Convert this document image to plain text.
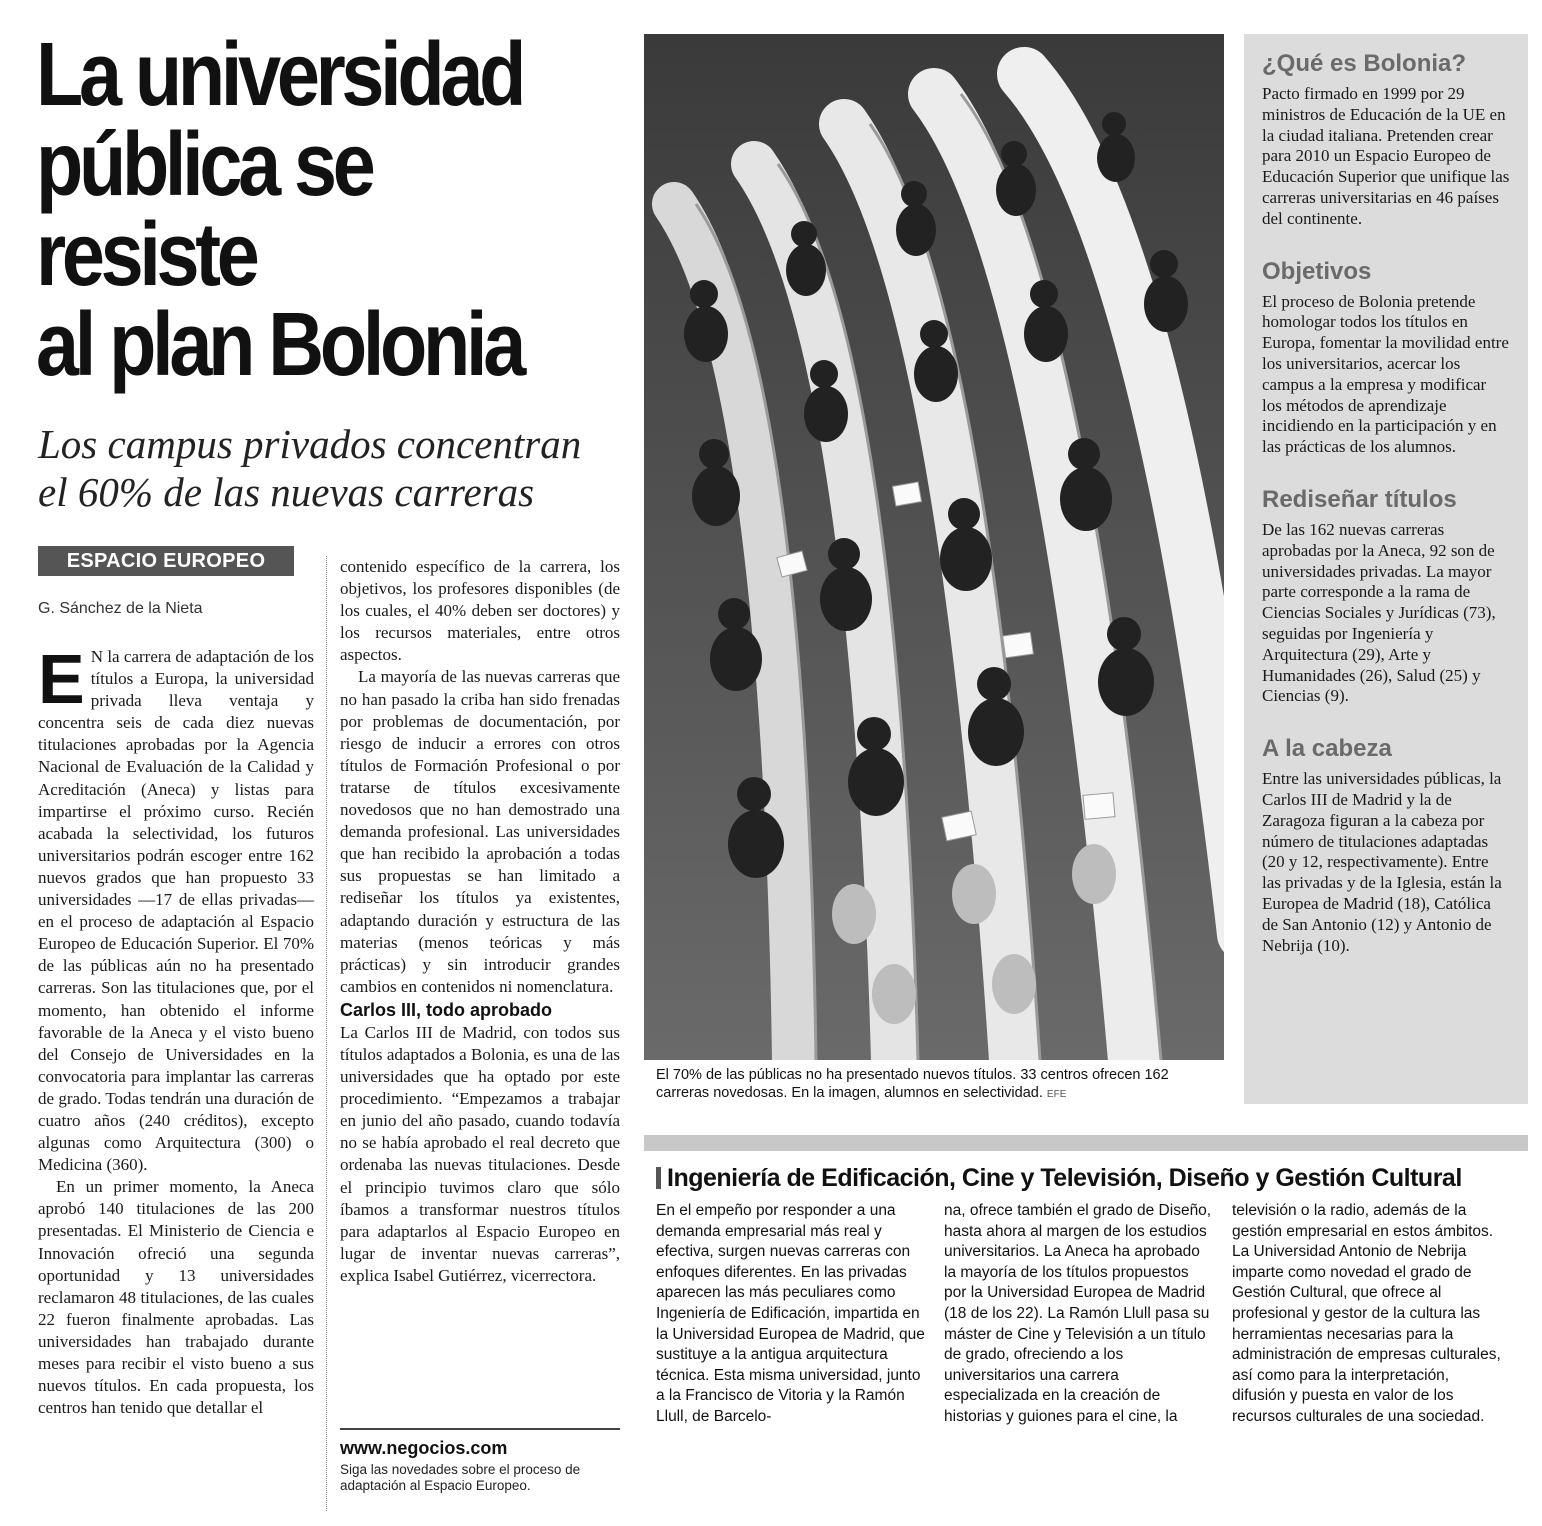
La universidad
pública se resiste
al plan Bolonia
Los campus privados concentran el 60% de las nuevas carreras
ESPACIO EUROPEO
G. Sánchez de la Nieta

E N la carrera de adaptación de los títulos a Europa, la universidad privada lleva ventaja y concentra seis de cada diez nuevas titulaciones aprobadas por la Agencia Nacional de Evaluación de la Calidad y Acreditación (Aneca) y listas para impartirse el próximo curso. Recién acabada la selectividad, los futuros universitarios podrán escoger entre 162 nuevos grados que han propuesto 33 universidades —17 de ellas privadas— en el proceso de adaptación al Espacio Europeo de Educación Superior. El 70% de las públicas aún no ha presentado carreras. Son las titulaciones que, por el momento, han obtenido el informe favorable de la Aneca y el visto bueno del Consejo de Universidades en la convocatoria para implantar las carreras de grado. Todas tendrán una duración de cuatro años (240 créditos), excepto algunas como Arquitectura (300) o Medicina (360).

En un primer momento, la Aneca aprobó 140 titulaciones de las 200 presentadas. El Ministerio de Ciencia e Innovación ofreció una segunda oportunidad y 13 universidades reclamaron 48 titulaciones, de las cuales 22 fueron finalmente aprobadas. Las universidades han trabajado durante meses para recibir el visto bueno a sus nuevos títulos. En cada propuesta, los centros han tenido que detallar el

contenido específico de la carrera, los objetivos, los profesores disponibles (de los cuales, el 40% deben ser doctores) y los recursos materiales, entre otros aspectos.

La mayoría de las nuevas carreras que no han pasado la criba han sido frenadas por problemas de documentación, por riesgo de inducir a errores con otros títulos de Formación Profesional o por tratarse de títulos excesivamente novedosos que no han demostrado una demanda profesional. Las universidades que han recibido la aprobación a todas sus propuestas se han limitado a rediseñar los títulos ya existentes, adaptando duración y estructura de las materias (menos teóricas y más prácticas) y sin introducir grandes cambios en contenidos ni nomenclatura.

Carlos III, todo aprobado

La Carlos III de Madrid, con todos sus títulos adaptados a Bolonia, es una de las universidades que ha optado por este procedimiento. “Empezamos a trabajar en junio del año pasado, cuando todavía no se había aprobado el real decreto que ordenaba las nuevas titulaciones. Desde el principio tuvimos claro que sólo íbamos a transformar nuestros títulos para adaptarlos al Espacio Europeo en lugar de inventar nuevas carreras”, explica Isabel Gutiérrez, vicerrectora.

www.negocios.com
Siga las novedades sobre el proceso de adaptación al Espacio Europeo.
El 70% de las públicas no ha presentado nuevos títulos. 33 centros ofrecen 162 carreras novedosas. En la imagen, alumnos en selectividad. EFE
¿Qué es Bolonia?
Pacto firmado en 1999 por 29 ministros de Educación de la UE en la ciudad italiana. Pretenden crear para 2010 un Espacio Europeo de Educación Superior que unifique las carreras universitarias en 46 países del continente.
Objetivos
El proceso de Bolonia pretende homologar todos los títulos en Europa, fomentar la movilidad entre los universitarios, acercar los campus a la empresa y modificar los métodos de aprendizaje incidiendo en la participación y en las prácticas de los alumnos.
Rediseñar títulos
De las 162 nuevas carreras aprobadas por la Aneca, 92 son de universidades privadas. La mayor parte corresponde a la rama de Ciencias Sociales y Jurídicas (73), seguidas por Ingeniería y Arquitectura (29), Arte y Humanidades (26), Salud (25) y Ciencias (9).
A la cabeza
Entre las universidades públicas, la Carlos III de Madrid y la de Zaragoza figuran a la cabeza por número de titulaciones adaptadas (20 y 12, respectivamente). Entre las privadas y de la Iglesia, están la Europea de Madrid (18), Católica de San Antonio (12) y Antonio de Nebrija (10).
Ingeniería de Edificación, Cine y Televisión, Diseño y Gestión Cultural
En el empeño por responder a una demanda empresarial más real y efectiva, surgen nuevas carreras con enfoques diferentes. En las privadas aparecen las más peculiares como Ingeniería de Edificación, impartida en la Universidad Europea de Madrid, que sustituye a la antigua arquitectura técnica. Esta misma universidad, junto a la Francisco de Vitoria y la Ramón Llull, de Barcelo-
na, ofrece también el grado de Diseño, hasta ahora al margen de los estudios universitarios. La Aneca ha aprobado la mayoría de los títulos propuestos por la Universidad Europea de Madrid (18 de los 22). La Ramón Llull pasa su máster de Cine y Televisión a un título de grado, ofreciendo a los universitarios una carrera especializada en la creación de historias y guiones para el cine, la
televisión o la radio, además de la gestión empresarial en estos ámbitos. La Universidad Antonio de Nebrija imparte como novedad el grado de Gestión Cultural, que ofrece al profesional y gestor de la cultura las herramientas necesarias para la administración de empresas culturales, así como para la interpretación, difusión y puesta en valor de los recursos culturales de una sociedad.
